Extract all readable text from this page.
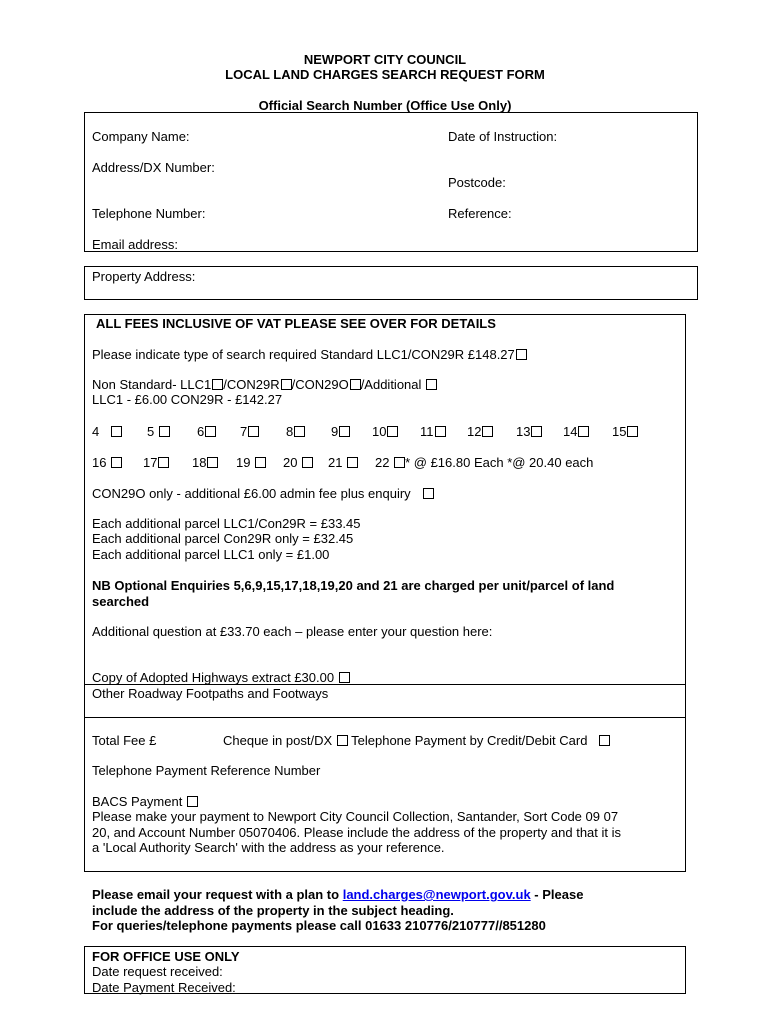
NEWPORT CITY COUNCIL
LOCAL LAND CHARGES SEARCH REQUEST FORM
Official Search Number (Office Use Only)
Company Name:	Date of Instruction:
Address/DX Number:
Postcode:
Telephone Number:	Reference:
Email address:
Property Address:
ALL FEES INCLUSIVE OF VAT PLEASE SEE OVER FOR DETAILS
Please indicate type of search required Standard LLC1/CON29R £148.27
Non Standard- LLC1 /CON29R /CON29O /Additional
LLC1 - £6.00 CON29R - £142.27
4	5	6	7	8	9	10	11	12	13	14	15
16	17	18	19	20	21	22 * @ £16.80 Each *@ 20.40 each
CON29O only - additional £6.00 admin fee plus enquiry
Each additional parcel LLC1/Con29R = £33.45
Each additional parcel Con29R only = £32.45
Each additional parcel LLC1 only = £1.00
NB Optional Enquiries 5,6,9,15,17,18,19,20 and 21 are charged per unit/parcel of land
searched
Additional question at £33.70 each – please enter your question here:
Copy of Adopted Highways extract £30.00
Other Roadway Footpaths and Footways
Total Fee £	Cheque in post/DX Telephone Payment by Credit/Debit Card
Telephone Payment Reference Number
BACS Payment
Please make your payment to Newport City Council Collection, Santander, Sort Code 09 07
20, and Account Number 05070406. Please include the address of the property and that it is
a 'Local Authority Search' with the address as your reference.
Please email your request with a plan to land.charges@newport.gov.uk - Please
include the address of the property in the subject heading.
For queries/telephone payments please call 01633 210776/210777//851280
FOR OFFICE USE ONLY
Date request received:
Date Payment Received:
